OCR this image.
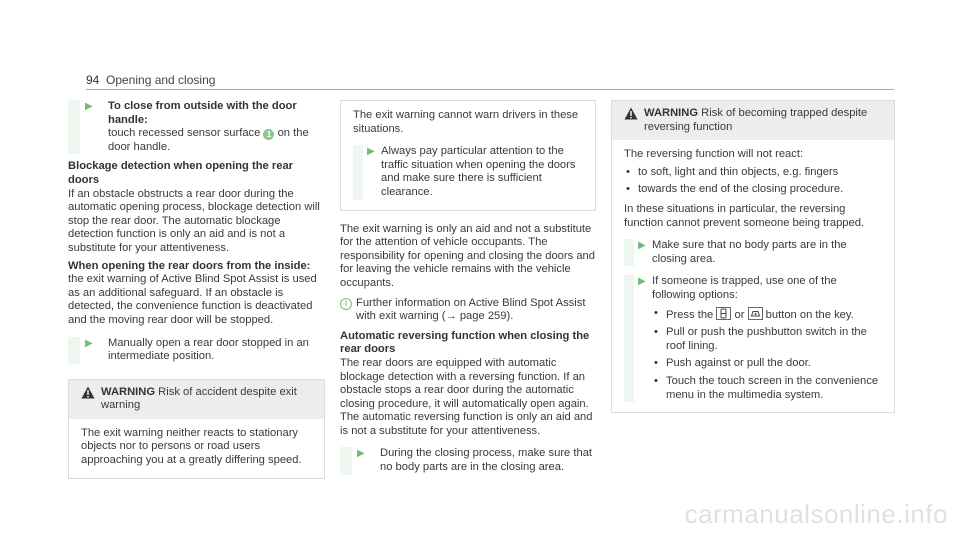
94 Opening and closing
▶ To close from outside with the door handle:
touch recessed sensor surface 1 on the door handle.

Blockage detection when opening the rear doors

If an obstacle obstructs a rear door during the automatic opening process, blockage detection will stop the rear door. The automatic blockage detection function is only an aid and is not a substitute for your attentiveness.

When opening the rear doors from the inside: the exit warning of Active Blind Spot Assist is used as an additional safeguard. If an obstacle is detected, the convenience function is deactivated and the moving rear door will be stopped.

▶ Manually open a rear door stopped in an intermediate position.

WARNING Risk of accident despite exit warning
The exit warning neither reacts to stationary objects nor to persons or road users approaching you at a greatly differing speed.

The exit warning cannot warn drivers in these situations.

▶ Always pay particular attention to the traffic situation when opening the doors and make sure there is sufficient clearance.

The exit warning is only an aid and not a substitute for the attention of vehicle occupants. The responsibility for opening and closing the doors and for leaving the vehicle remains with the vehicle occupants.

i Further information on Active Blind Spot Assist with exit warning (→ page 259).

Automatic reversing function when closing the rear doors

The rear doors are equipped with automatic blockage detection with a reversing function. If an obstacle stops a rear door during the automatic closing procedure, it will automatically open again. The automatic reversing function is only an aid and is not a substitute for your attentiveness.

▶ During the closing process, make sure that no body parts are in the closing area.

WARNING Risk of becoming trapped despite reversing function

The reversing function will not react:

• to soft, light and thin objects, e.g. fingers
• towards the end of the closing procedure.

In these situations in particular, the reversing function cannot prevent someone being trapped.

▶ Make sure that no body parts are in the closing area.

▶ If someone is trapped, use one of the following options:

• Press the
or
button on the key.
• Pull or push the pushbutton switch in the roof lining.
• Push against or pull the door.
• Touch the touch screen in the convenience menu in the multimedia system.
carmanualsonline.info
